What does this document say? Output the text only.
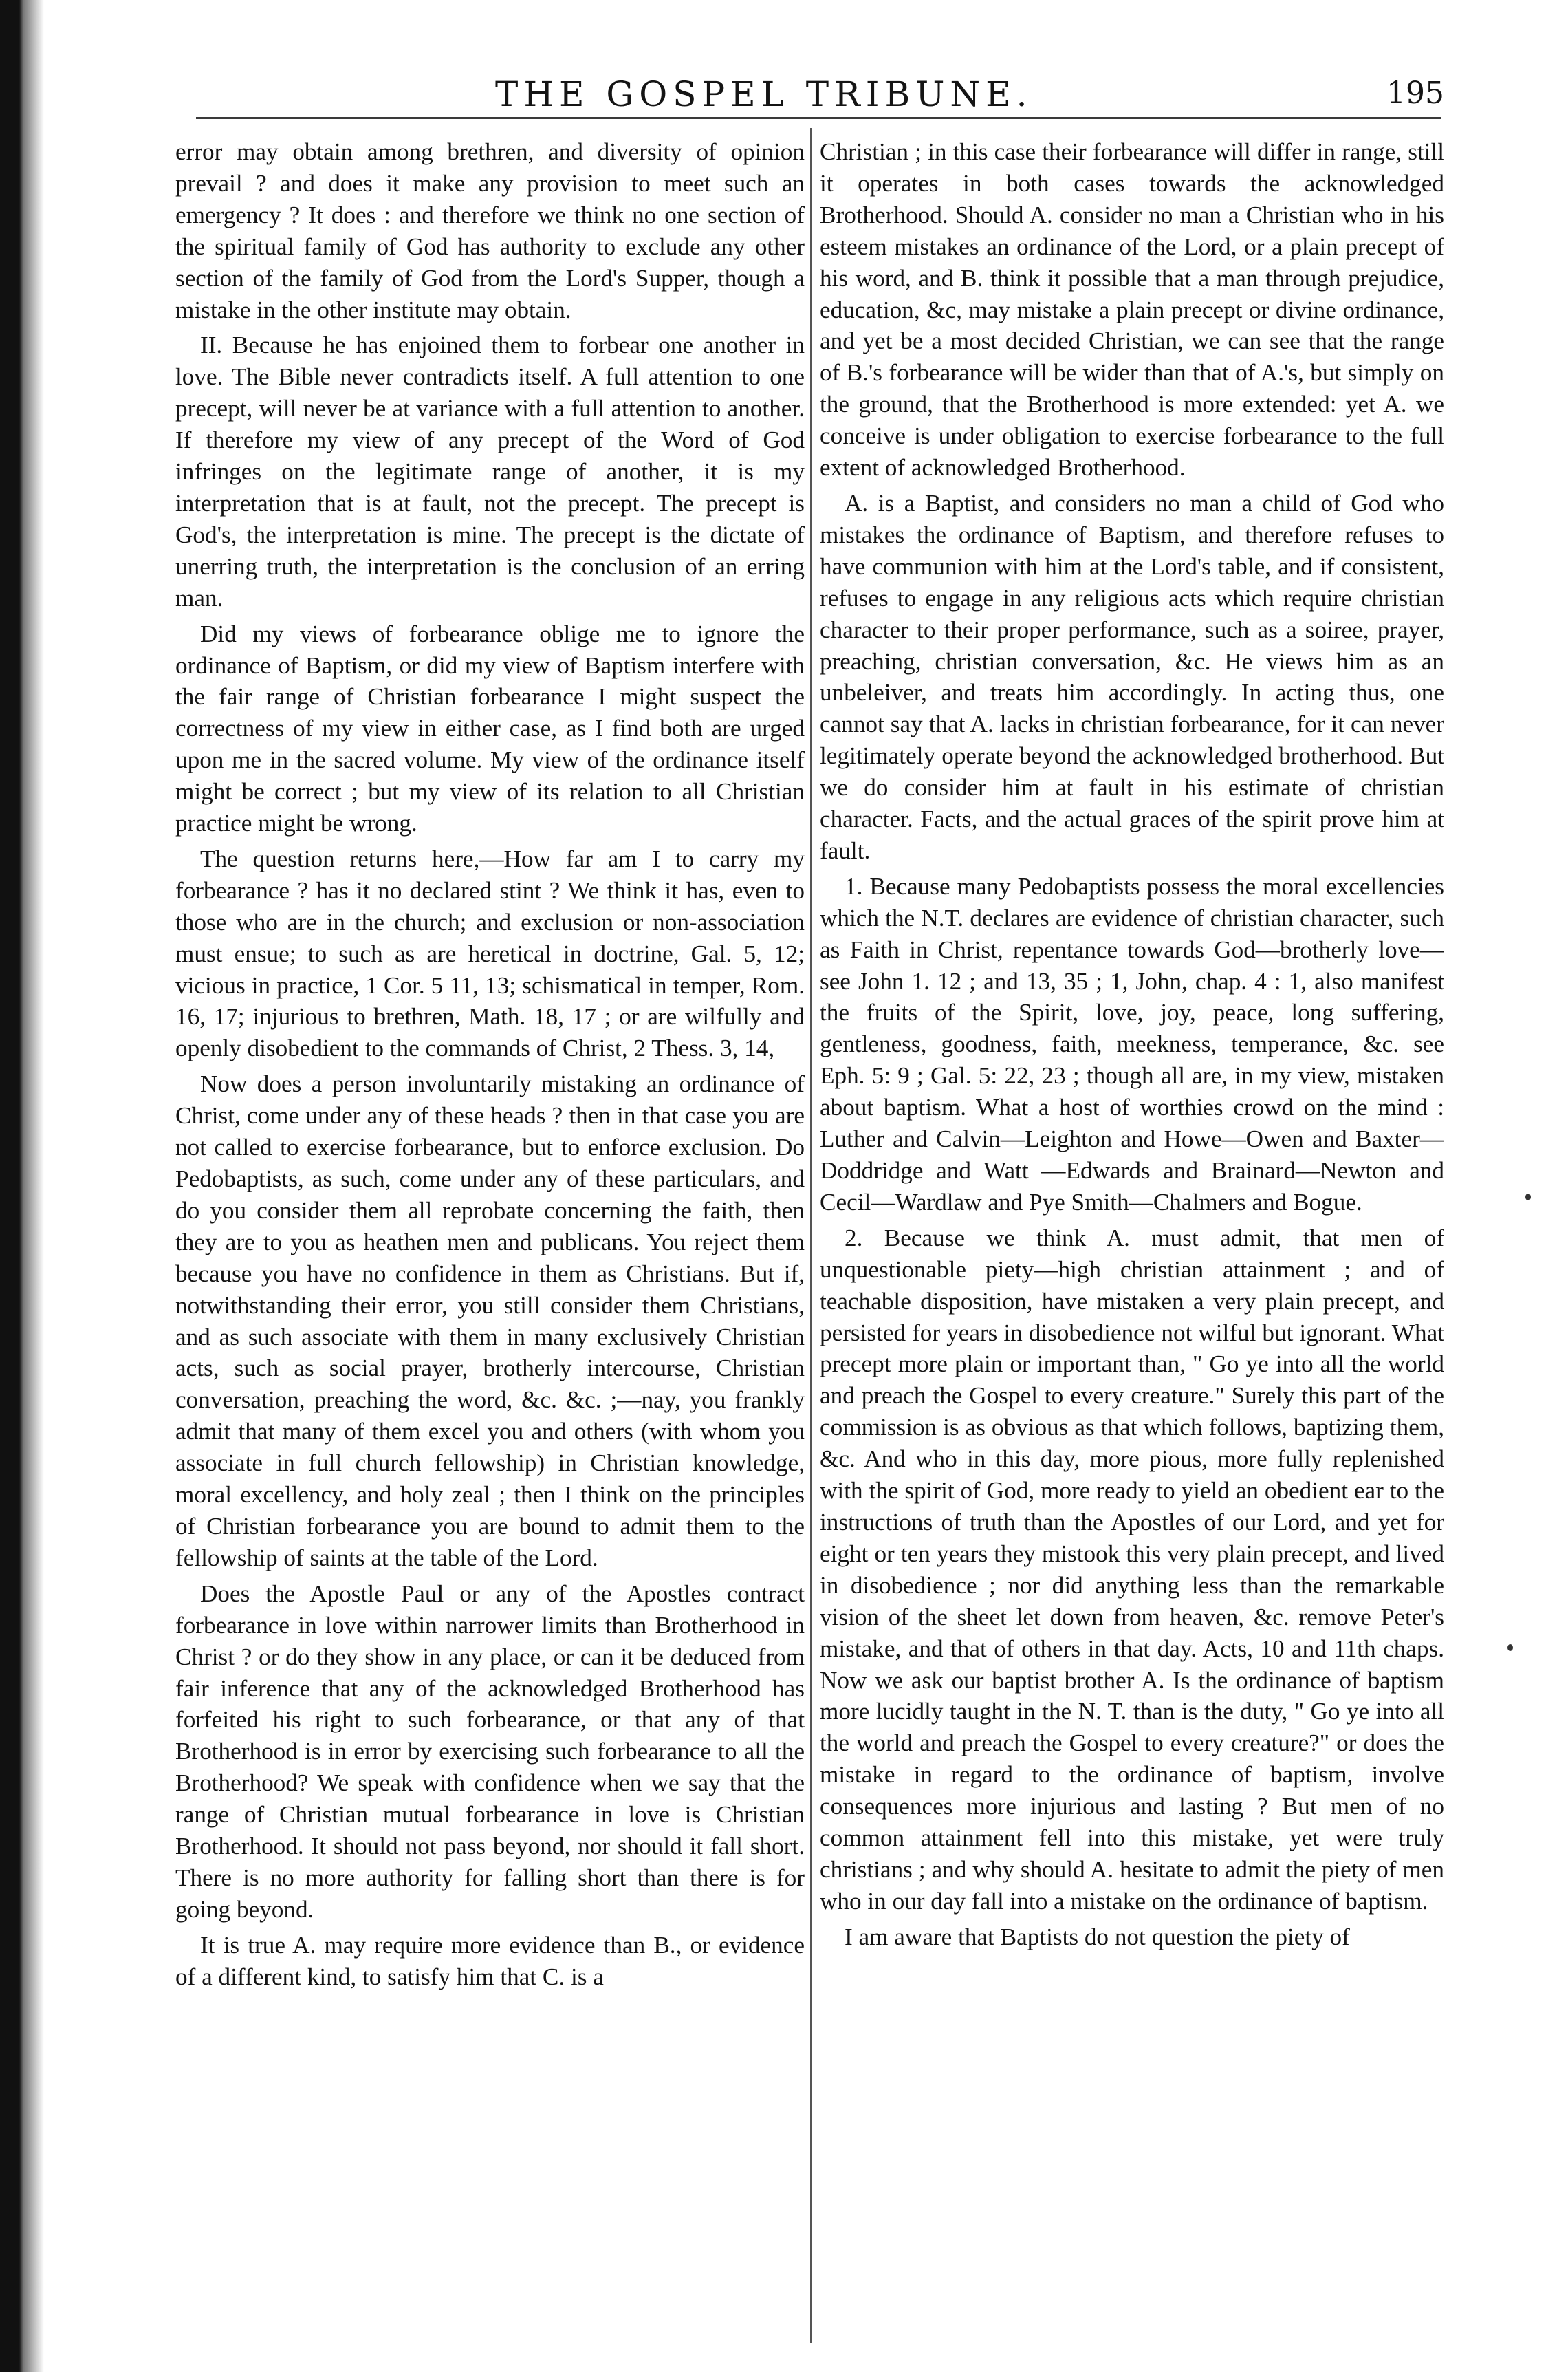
THE GOSPEL TRIBUNE.	195

error may obtain among brethren, and diversity of opinion prevail ? and does it make any provision to meet such an emergency ? It does : and therefore we think no one section of the spiritual family of God has authority to exclude any other section of the family of God from the Lord's Supper, though a mistake in the other institute may obtain.

II. Because he has enjoined them to forbear one another in love. The Bible never contradicts itself. A full attention to one precept, will never be at variance with a full attention to another. If therefore my view of any precept of the Word of God infringes on the legitimate range of another, it is my interpretation that is at fault, not the precept. The precept is God's, the interpretation is mine. The precept is the dictate of unerring truth, the interpretation is the conclusion of an erring man.

Did my views of forbearance oblige me to ignore the ordinance of Baptism, or did my view of Baptism interfere with the fair range of Christian forbearance I might suspect the correctness of my view in either case, as I find both are urged upon me in the sacred volume. My view of the ordinance itself might be correct ; but my view of its relation to all Christian practice might be wrong.

The question returns here,—How far am I to carry my forbearance ? has it no declared stint ? We think it has, even to those who are in the church; and exclusion or non-association must ensue; to such as are heretical in doctrine, Gal. 5, 12; vicious in practice, 1 Cor. 5 11, 13; schismatical in temper, Rom. 16, 17; injurious to brethren, Math. 18, 17 ; or are wilfully and openly disobedient to the commands of Christ, 2 Thess. 3, 14,

Now does a person involuntarily mistaking an ordinance of Christ, come under any of these heads ? then in that case you are not called to exercise forbearance, but to enforce exclusion. Do Pedobaptists, as such, come under any of these particulars, and do you consider them all reprobate concerning the faith, then they are to you as heathen men and publicans. You reject them because you have no confidence in them as Christians. But if, notwithstanding their error, you still consider them Christians, and as such associate with them in many exclusively Christian acts, such as social prayer, brotherly intercourse, Christian conversation, preaching the word, &c. &c. ;—nay, you frankly admit that many of them excel you and others (with whom you associate in full church fellowship) in Christian knowledge, moral excellency, and holy zeal ; then I think on the principles of Christian forbearance you are bound to admit them to the fellowship of saints at the table of the Lord.

Does the Apostle Paul or any of the Apostles contract forbearance in love within narrower limits than Brotherhood in Christ ? or do they show in any place, or can it be deduced from fair inference that any of the acknowledged Brotherhood has forfeited his right to such forbearance, or that any of that Brotherhood is in error by exercising such forbearance to all the Brotherhood? We speak with confidence when we say that the range of Christian mutual forbearance in love is Christian Brotherhood. It should not pass beyond, nor should it fall short. There is no more authority for falling short than there is for going beyond.

It is true A. may require more evidence than B., or evidence of a different kind, to satisfy him that C. is a

Christian ; in this case their forbearance will differ in range, still it operates in both cases towards the acknowledged Brotherhood. Should A. consider no man a Christian who in his esteem mistakes an ordinance of the Lord, or a plain precept of his word, and B. think it possible that a man through prejudice, education, &c, may mistake a plain precept or divine ordinance, and yet be a most decided Christian, we can see that the range of B.'s forbearance will be wider than that of A.'s, but simply on the ground, that the Brotherhood is more extended: yet A. we conceive is under obligation to exercise forbearance to the full extent of acknowledged Brotherhood.

A. is a Baptist, and considers no man a child of God who mistakes the ordinance of Baptism, and therefore refuses to have communion with him at the Lord's table, and if consistent, refuses to engage in any religious acts which require christian character to their proper performance, such as a soiree, prayer, preaching, christian conversation, &c. He views him as an unbeleiver, and treats him accordingly. In acting thus, one cannot say that A. lacks in christian forbearance, for it can never legitimately operate beyond the acknowledged brotherhood. But we do consider him at fault in his estimate of christian character. Facts, and the actual graces of the spirit prove him at fault.

1. Because many Pedobaptists possess the moral excellencies which the N.T. declares are evidence of christian character, such as Faith in Christ, repentance towards God—brotherly love—see John 1. 12 ; and 13, 35 ; 1, John, chap. 4 : 1, also manifest the fruits of the Spirit, love, joy, peace, long suffering, gentleness, goodness, faith, meekness, temperance, &c. see Eph. 5: 9 ; Gal. 5: 22, 23 ; though all are, in my view, mistaken about baptism. What a host of worthies crowd on the mind : Luther and Calvin—Leighton and Howe—Owen and Baxter—Doddridge and Watt —Edwards and Brainard—Newton and Cecil—Wardlaw and Pye Smith—Chalmers and Bogue.

2. Because we think A. must admit, that men of unquestionable piety—high christian attainment ; and of teachable disposition, have mistaken a very plain precept, and persisted for years in disobedience not wilful but ignorant. What precept more plain or important than, " Go ye into all the world and preach the Gospel to every creature." Surely this part of the commission is as obvious as that which follows, baptizing them, &c. And who in this day, more pious, more fully replenished with the spirit of God, more ready to yield an obedient ear to the instructions of truth than the Apostles of our Lord, and yet for eight or ten years they mistook this very plain precept, and lived in disobedience ; nor did anything less than the remarkable vision of the sheet let down from heaven, &c. remove Peter's mistake, and that of others in that day. Acts, 10 and 11th chaps. Now we ask our baptist brother A. Is the ordinance of baptism more lucidly taught in the N. T. than is the duty, " Go ye into all the world and preach the Gospel to every creature?" or does the mistake in regard to the ordinance of baptism, involve consequences more injurious and lasting ? But men of no common attainment fell into this mistake, yet were truly christians ; and why should A. hesitate to admit the piety of men who in our day fall into a mistake on the ordinance of baptism.

I am aware that Baptists do not question the piety of
